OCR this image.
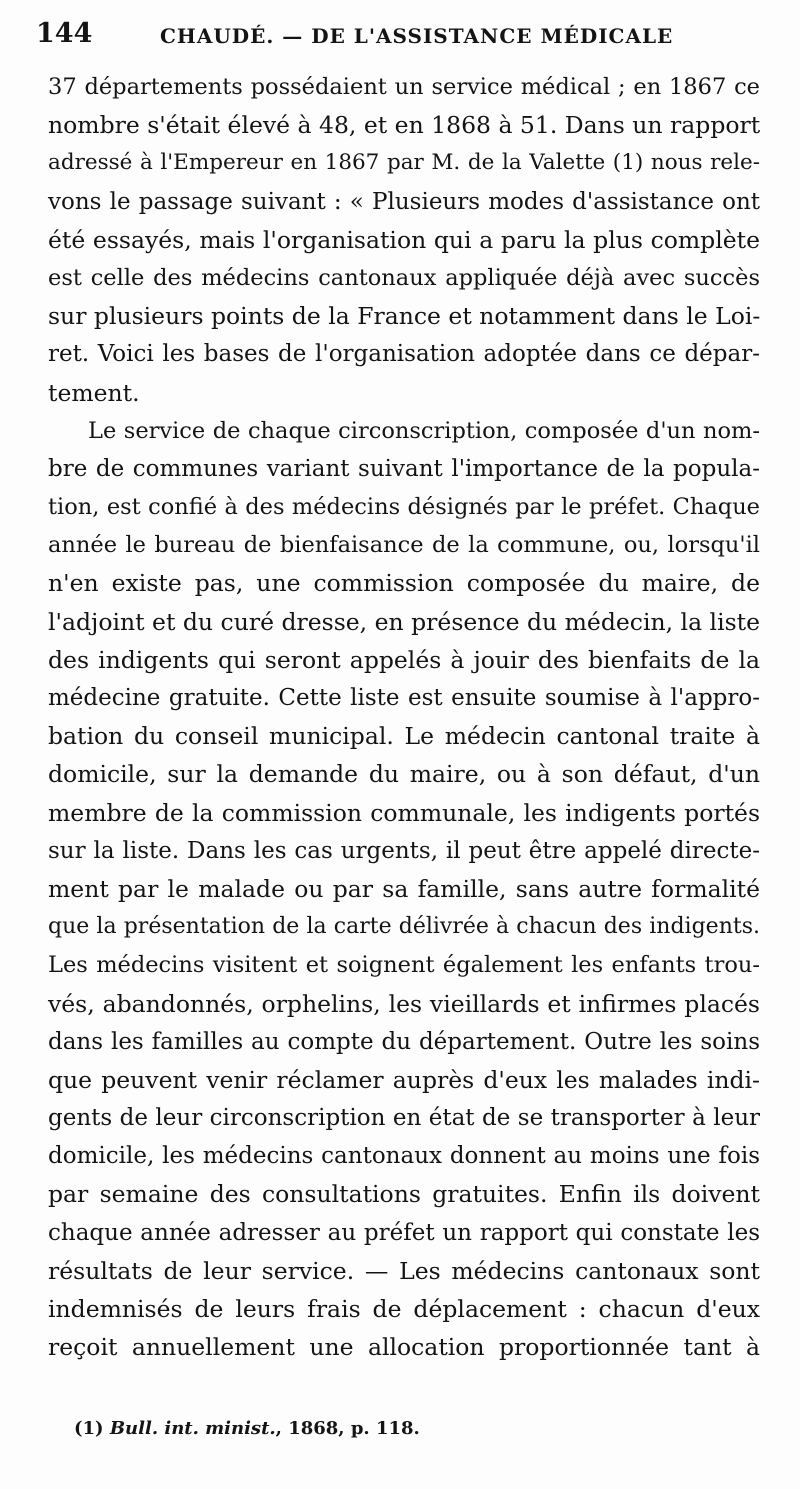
144	CHAUDÉ. — DE L'ASSISTANCE MÉDICALE
37 départements possédaient un service médical ; en 1867 ce
nombre s'était élevé à 48, et en 1868 à 51. Dans un rapport
adressé à l'Empereur en 1867 par M. de la Valette (1) nous rele-
vons le passage suivant : « Plusieurs modes d'assistance ont
été essayés, mais l'organisation qui a paru la plus complète
est celle des médecins cantonaux appliquée déjà avec succès
sur plusieurs points de la France et notamment dans le Loi-
ret. Voici les bases de l'organisation adoptée dans ce dépar-
tement.
Le service de chaque circonscription, composée d'un nom-
bre de communes variant suivant l'importance de la popula-
tion, est confié à des médecins désignés par le préfet. Chaque
année le bureau de bienfaisance de la commune, ou, lorsqu'il
n'en existe pas, une commission composée du maire, de
l'adjoint et du curé dresse, en présence du médecin, la liste
des indigents qui seront appelés à jouir des bienfaits de la
médecine gratuite. Cette liste est ensuite soumise à l'appro-
bation du conseil municipal. Le médecin cantonal traite à
domicile, sur la demande du maire, ou à son défaut, d'un
membre de la commission communale, les indigents portés
sur la liste. Dans les cas urgents, il peut être appelé directe-
ment par le malade ou par sa famille, sans autre formalité
que la présentation de la carte délivrée à chacun des indigents.
Les médecins visitent et soignent également les enfants trou-
vés, abandonnés, orphelins, les vieillards et infirmes placés
dans les familles au compte du département. Outre les soins
que peuvent venir réclamer auprès d'eux les malades indi-
gents de leur circonscription en état de se transporter à leur
domicile, les médecins cantonaux donnent au moins une fois
par semaine des consultations gratuites. Enfin ils doivent
chaque année adresser au préfet un rapport qui constate les
résultats de leur service. — Les médecins cantonaux sont
indemnisés de leurs frais de déplacement : chacun d'eux
reçoit annuellement une allocation proportionnée tant à
(1) Bull. int. minist., 1868, p. 118.
